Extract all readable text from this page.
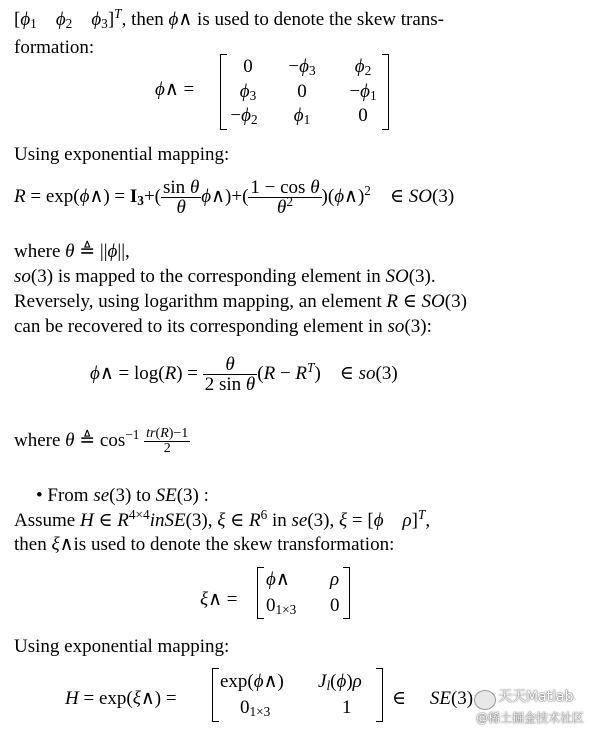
[$\phi_1$ $\phi_2$ $\phi_3]^T$, then ϕ∧ is used to denote the skew trans-
formation:
ϕ∧ =
0	$-\phi_3$	$\phi_2$
$\phi_3$	0	$-\phi_1$
$-\phi_2$	$\phi_1$	0
Using exponential mapping:
R = exp(ϕ∧) = $I_3+( \frac{\text{sin θ}}{\theta}$ ϕ∧)+( $\frac{\text{1 − cos θ}}{\theta^2}$ )(ϕ∧)$^2$    ∈ SO(3)
where θ ≜ ||ϕ||,
so(3) is mapped to the corresponding element in SO(3).
Reversely, using logarithm mapping, an element R ∈ SO(3)
can be recovered to its corresponding element in so(3):
ϕ∧ = $\log(R) = \frac{\theta}{\text{2 sin θ}} (R - R^T)$    ∈ so(3)
where θ ≜ $\cos^{-1} \frac{tr(R)-1}{2}$
• From se(3) to SE(3) :
Assume H ∈ $R^{4\times 4}inSE(3)$, ξ ∈ $R^6$ in se(3), ξ = [ϕ ρ]$^T$,
then ξ∧is used to denote the skew transformation:
ξ∧ =
ϕ∧ ρ
$0_{1\times 3}$ 0
Using exponential mapping:
H = exp(ξ∧) =
exp(ϕ∧) $J_l(\phi)\rho$
$0_{1\times 3}$	1 ∈     SE(3) 天天Matlab
@稀土掘金技术社区
